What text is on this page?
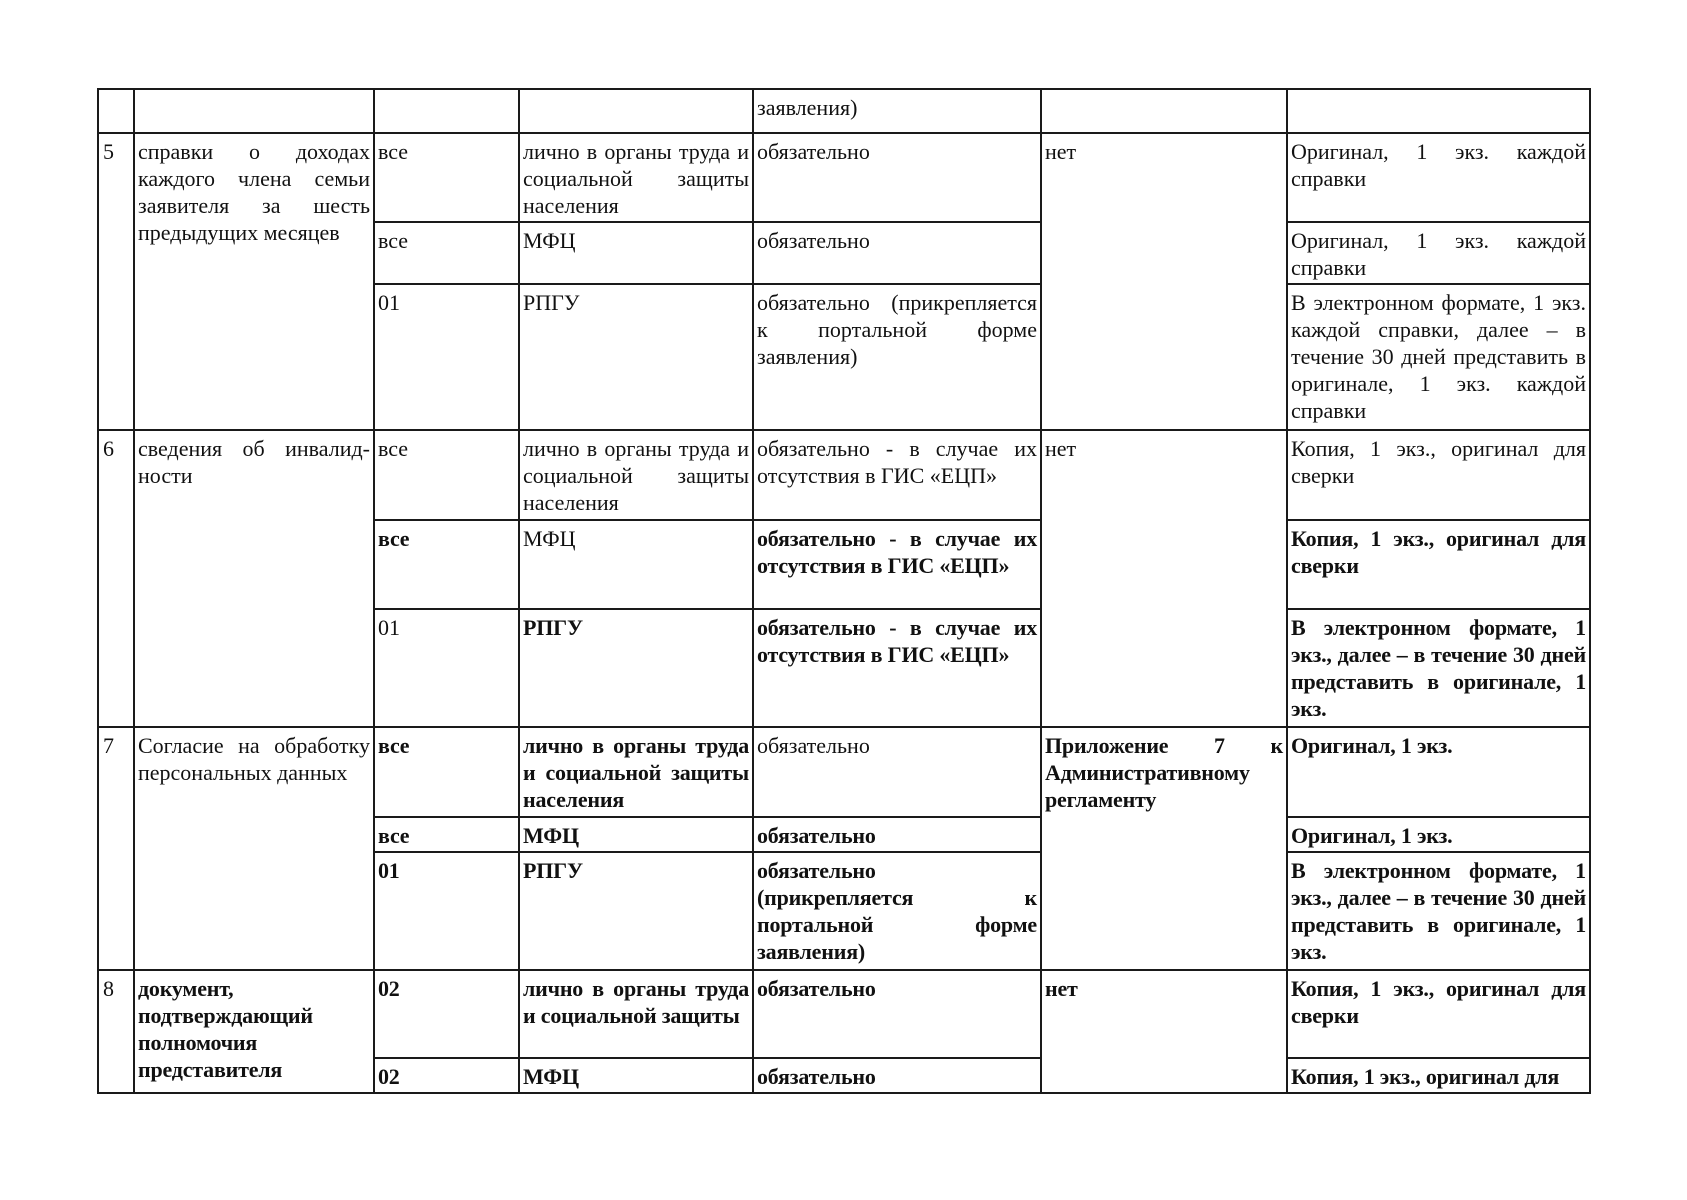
				заявления)		

5	справки о доходах каждого члена семьи заявителя за шесть предыдущих месяцев	все	лично в органы труда и социальной защиты населения	обязательно	нет	Оригинал, 1 экз. каждой справки

		все	МФЦ	обязательно		Оригинал, 1 экз. каждой справки

		01	РПГУ	обязательно (прикрепляется к портальной форме заявления)		В электронном формате, 1 экз. каждой справки, далее – в течение 30 дней представить в оригинале, 1 экз. каждой справки

6	сведения об инвалид-ности	все	лично в органы труда и социальной защиты населения	обязательно - в случае их отсутствия в ГИС «ЕЦП»	нет	Копия, 1 экз., оригинал для сверки

		все	МФЦ	обязательно - в случае их отсутствия в ГИС «ЕЦП»		Копия, 1 экз., оригинал для сверки

		01	РПГУ	обязательно - в случае их отсутствия в ГИС «ЕЦП»		В электронном формате, 1 экз., далее – в течение 30 дней представить в оригинале, 1 экз.

7	Согласие на обработку персональных данных	все	лично в органы труда и социальной защиты населения	обязательно	Приложение 7 к Административному регламенту	Оригинал, 1 экз.

		все	МФЦ	обязательно		Оригинал, 1 экз.

		01	РПГУ	обязательно (прикрепляется к портальной форме заявления)		В электронном формате, 1 экз., далее – в течение 30 дней представить в оригинале, 1 экз.

8	документ, подтверждающий полномочия представителя	02	лично в органы труда и социальной защиты	обязательно	нет	Копия, 1 экз., оригинал для сверки

		02	МФЦ	обязательно		Копия, 1 экз., оригинал для
